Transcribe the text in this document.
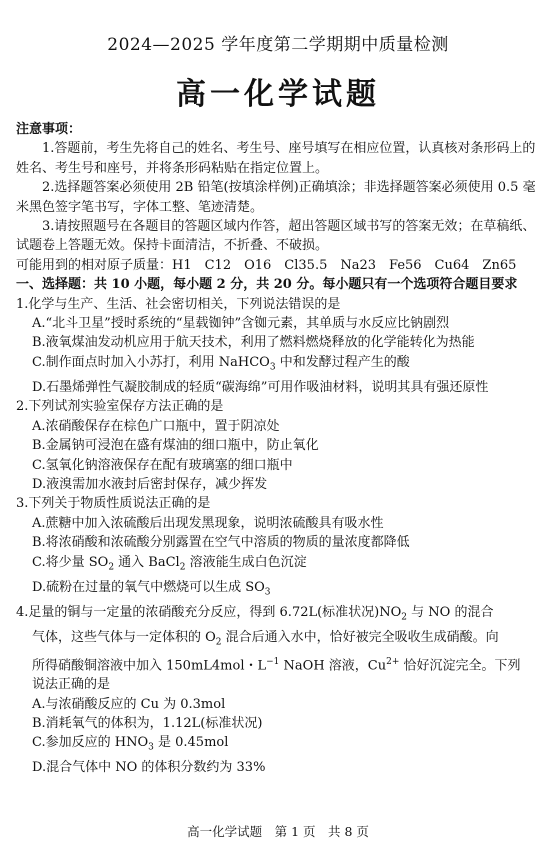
2024—2025 学年度第二学期期中质量检测
高一化学试题

注意事项：

1.答题前，考生先将自己的姓名、考生号、座号填写在相应位置，认真核对条形码上的姓名、考生号和座号，并将条形码粘贴在指定位置上。

2.选择题答案必须使用 2B 铅笔(按填涂样例)正确填涂；非选择题答案必须使用 0.5 毫米黑色签字笔书写，字体工整、笔迹清楚。

3.请按照题号在各题目的答题区域内作答，超出答题区域书写的答案无效；在草稿纸、试题卷上答题无效。保持卡面清洁，不折叠、不破损。

可能用到的相对原子质量：H1　C12　O16　Cl35.5　Na23　Fe56　Cu64　Zn65

一、选择题：共 10 小题，每小题 2 分，共 20 分。每小题只有一个选项符合题目要求

1.化学与生产、生活、社会密切相关，下列说法错误的是

A.“北斗卫星”授时系统的“星载铷钟”含铷元素，其单质与水反应比钠剧烈

B.液氧煤油发动机应用于航天技术，利用了燃料燃烧释放的化学能转化为热能

C.制作面点时加入小苏打，利用 NaHCO$_3$ 中和发酵过程产生的酸

D.石墨烯弹性气凝胶制成的轻质“碳海绵”可用作吸油材料，说明其具有强还原性

2.下列试剂实验室保存方法正确的是

A.浓硝酸保存在棕色广口瓶中，置于阴凉处

B.金属钠可浸泡在盛有煤油的细口瓶中，防止氧化

C.氢氧化钠溶液保存在配有玻璃塞的细口瓶中

D.液溴需加水液封后密封保存，减少挥发

3.下列关于物质性质说法正确的是

A.蔗糖中加入浓硫酸后出现发黑现象，说明浓硫酸具有吸水性

B.将浓硝酸和浓硫酸分别露置在空气中溶质的物质的量浓度都降低

C.将少量 $SO_2$ 通入 BaCl$_2$ 溶液能生成白色沉淀

D.硫粉在过量的氧气中燃烧可以生成 $SO_3$

4.足量的铜与一定量的浓硝酸充分反应，得到 6.72L(标准状况)$NO_2$ 与 NO 的混合

气体，这些气体与一定体积的 $O_2$ 混合后通入水中，恰好被完全吸收生成硝酸。向

所得硝酸铜溶液中加入 150mL4mol・$L^{-1}$ NaOH 溶液，$Cu^{2+}$ 恰好沉淀完全。下列

说法正确的是

A.与浓硝酸反应的 Cu 为 0.3mol

B.消耗氧气的体积为，1.12L(标准状况)

C.参加反应的 $HNO_3$ 是 0.45mol

D.混合气体中 NO 的体积分数约为 33%

高一化学试题　第 1 页　共 8 页
